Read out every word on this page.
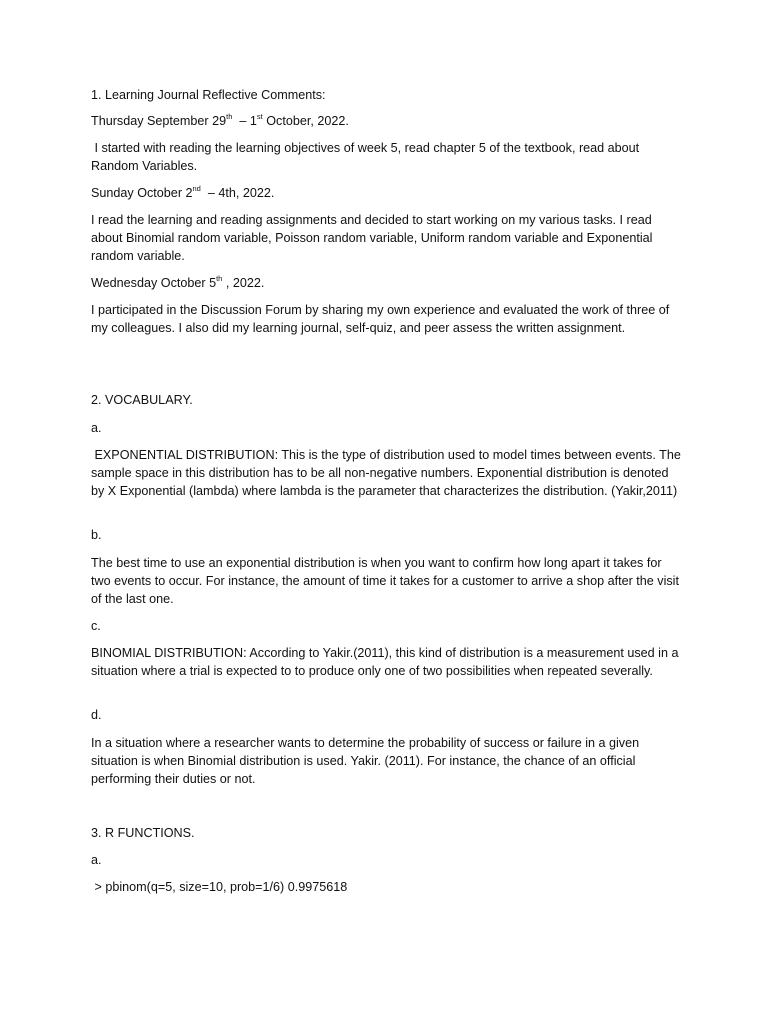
1. Learning Journal Reflective Comments:

Thursday September 29th  – 1st October, 2022.

I started with reading the learning objectives of week 5, read chapter 5 of the textbook, read about Random Variables.

Sunday October 2nd  – 4th, 2022.

I read the learning and reading assignments and decided to start working on my various tasks. I read about Binomial random variable, Poisson random variable, Uniform random variable and Exponential random variable.

Wednesday October 5th , 2022.

I participated in the Discussion Forum by sharing my own experience and evaluated the work of three of my colleagues. I also did my learning journal, self-quiz, and peer assess the written assignment.

2. VOCABULARY.

a.

EXPONENTIAL DISTRIBUTION: This is the type of distribution used to model times between events. The sample space in this distribution has to be all non-negative numbers. Exponential distribution is denoted by X Exponential (lambda) where lambda is the parameter that characterizes the distribution. (Yakir,2011)

b.

The best time to use an exponential distribution is when you want to confirm how long apart it takes for two events to occur. For instance, the amount of time it takes for a customer to arrive a shop after the visit of the last one.

c.

BINOMIAL DISTRIBUTION: According to Yakir.(2011), this kind of distribution is a measurement used in a situation where a trial is expected to to produce only one of two possibilities when repeated severally.

d.

In a situation where a researcher wants to determine the probability of success or failure in a given situation is when Binomial distribution is used. Yakir. (2011). For instance, the chance of an official performing their duties or not.

3. R FUNCTIONS.

a.

> pbinom(q=5, size=10, prob=1/6) 0.9975618
